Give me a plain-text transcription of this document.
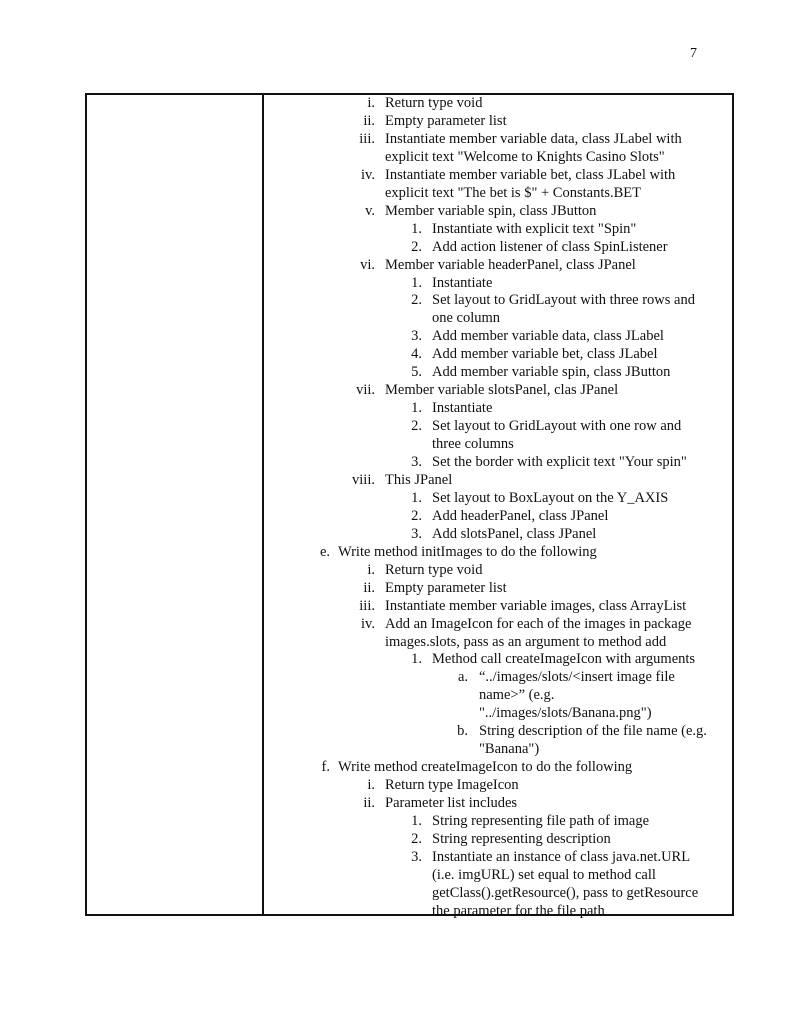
7
i. Return type void
ii. Empty parameter list
iii. Instantiate member variable data, class JLabel with
explicit text "Welcome to Knights Casino Slots"
iv. Instantiate member variable bet, class JLabel with
explicit text "The bet is $" + Constants.BET
v. Member variable spin, class JButton
1. Instantiate with explicit text "Spin"
2. Add action listener of class SpinListener
vi. Member variable headerPanel, class JPanel
1. Instantiate
2. Set layout to GridLayout with three rows and
one column
3. Add member variable data, class JLabel
4. Add member variable bet, class JLabel
5. Add member variable spin, class JButton
vii. Member variable slotsPanel, clas JPanel
1. Instantiate
2. Set layout to GridLayout with one row and
three columns
3. Set the border with explicit text "Your spin"
viii. This JPanel
1. Set layout to BoxLayout on the Y_AXIS
2. Add headerPanel, class JPanel
3. Add slotsPanel, class JPanel
e. Write method initImages to do the following
i. Return type void
ii. Empty parameter list
iii. Instantiate member variable images, class ArrayList
iv. Add an ImageIcon for each of the images in package
images.slots, pass as an argument to method add
1. Method call createImageIcon with arguments
a. “../images/slots/<insert image file
name>” (e.g.
"../images/slots/Banana.png")
b. String description of the file name (e.g.
"Banana")
f. Write method createImageIcon to do the following
i. Return type ImageIcon
ii. Parameter list includes
1. String representing file path of image
2. String representing description
3. Instantiate an instance of class java.net.URL
(i.e. imgURL) set equal to method call
getClass().getResource(), pass to getResource
the parameter for the file path
